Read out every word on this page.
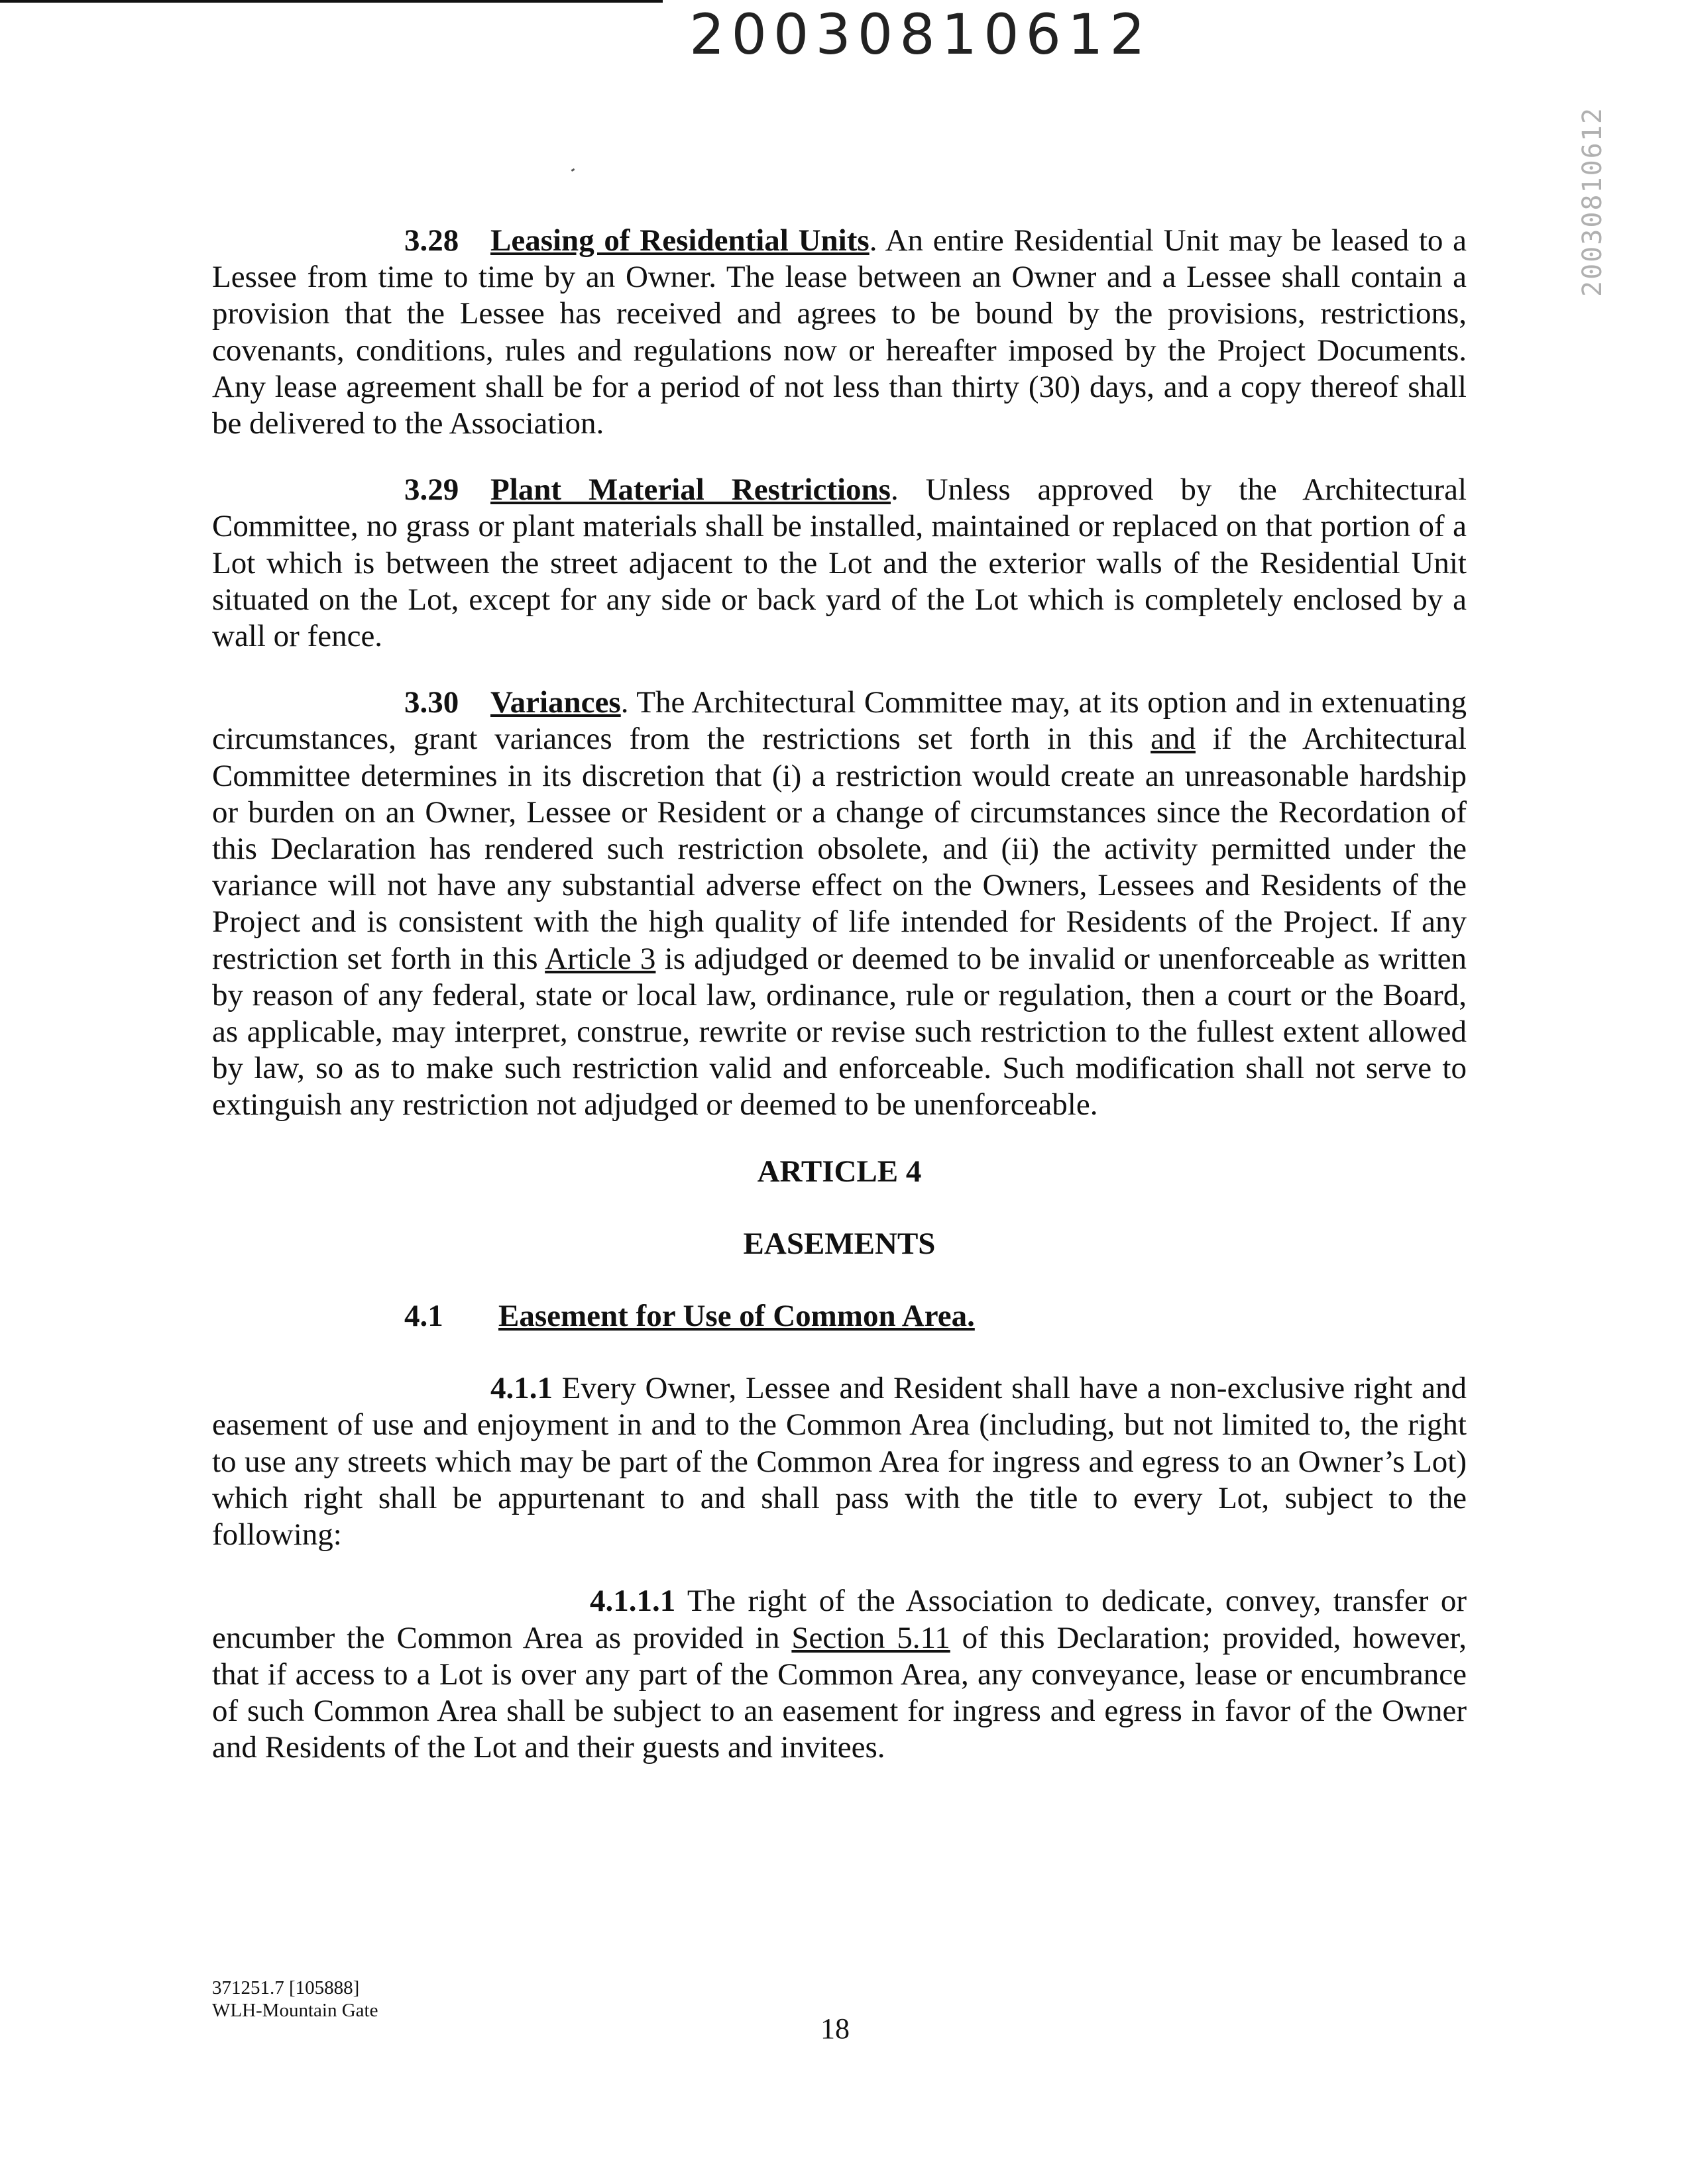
20030810612
20030810612

3.28 Leasing of Residential Units. An entire Residential Unit may be leased to a Lessee from time to time by an Owner. The lease between an Owner and a Lessee shall contain a provision that the Lessee has received and agrees to be bound by the provisions, restrictions, covenants, conditions, rules and regulations now or hereafter imposed by the Project Documents. Any lease agreement shall be for a period of not less than thirty (30) days, and a copy thereof shall be delivered to the Association.

3.29 Plant Material Restrictions. Unless approved by the Architectural Committee, no grass or plant materials shall be installed, maintained or replaced on that portion of a Lot which is between the street adjacent to the Lot and the exterior walls of the Residential Unit situated on the Lot, except for any side or back yard of the Lot which is completely enclosed by a wall or fence.

3.30 Variances. The Architectural Committee may, at its option and in extenuating circumstances, grant variances from the restrictions set forth in this and if the Architectural Committee determines in its discretion that (i) a restriction would create an unreasonable hardship or burden on an Owner, Lessee or Resident or a change of circumstances since the Recordation of this Declaration has rendered such restriction obsolete, and (ii) the activity permitted under the variance will not have any substantial adverse effect on the Owners, Lessees and Residents of the Project and is consistent with the high quality of life intended for Residents of the Project. If any restriction set forth in this Article 3 is adjudged or deemed to be invalid or unenforceable as written by reason of any federal, state or local law, ordinance, rule or regulation, then a court or the Board, as applicable, may interpret, construe, rewrite or revise such restriction to the fullest extent allowed by law, so as to make such restriction valid and enforceable. Such modification shall not serve to extinguish any restriction not adjudged or deemed to be unenforceable.

ARTICLE 4

EASEMENTS

4.1 Easement for Use of Common Area.

4.1.1 Every Owner, Lessee and Resident shall have a non-exclusive right and easement of use and enjoyment in and to the Common Area (including, but not limited to, the right to use any streets which may be part of the Common Area for ingress and egress to an Owner’s Lot) which right shall be appurtenant to and shall pass with the title to every Lot, subject to the following:

4.1.1.1 The right of the Association to dedicate, convey, transfer or encumber the Common Area as provided in Section 5.11 of this Declaration; provided, however, that if access to a Lot is over any part of the Common Area, any conveyance, lease or encumbrance of such Common Area shall be subject to an easement for ingress and egress in favor of the Owner and Residents of the Lot and their guests and invitees.

371251.7 [105888]
WLH-Mountain Gate
18
